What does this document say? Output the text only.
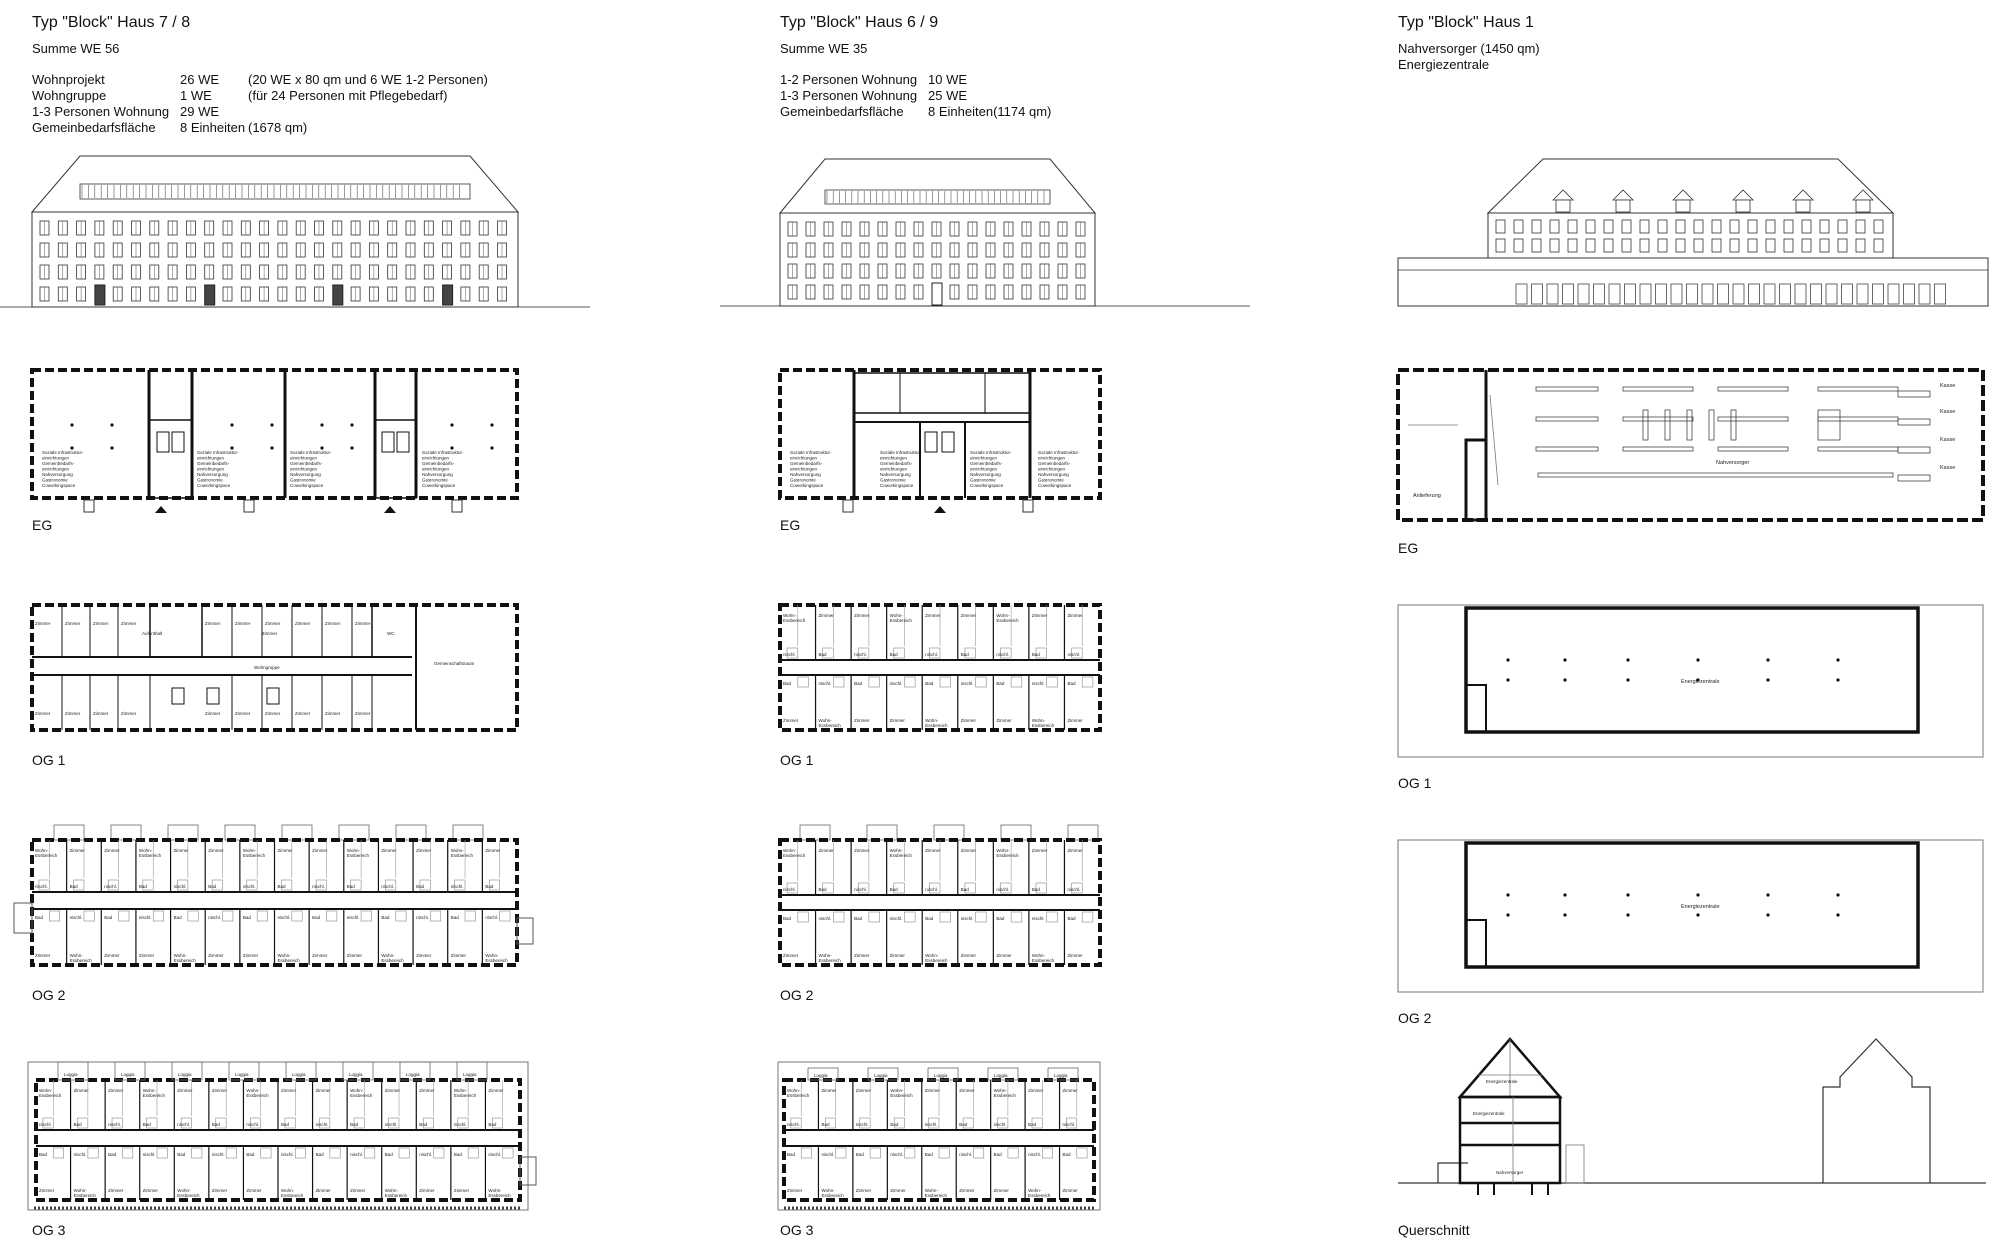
Typ "Block" Haus 7 / 8
Summe WE 56
Wohnprojekt	26 WE	(20 WE x 80 qm und 6 WE 1-2 Personen)
Wohngruppe	1 WE	(für 24 Personen mit Pflegebedarf)
1-3 Personen Wohnung	29 WE	
Gemeinbedarfsfläche	8 Einheiten	(1678 qm)
Soziale Infrastruktur-
einrichtungen
Gemeinbedarfs-
einrichtungen
Nahversorgung
Gastronomie
Coworkingspace
Soziale Infrastruktur-
einrichtungen
Gemeinbedarfs-
einrichtungen
Nahversorgung
Gastronomie
Coworkingspace
Soziale Infrastruktur-
einrichtungen
Gemeinbedarfs-
einrichtungen
Nahversorgung
Gastronomie
Coworkingspace
Soziale Infrastruktur-
einrichtungen
Gemeinbedarfs-
einrichtungen
Nahversorgung
Gastronomie
Coworkingspace
EG
Zimmer
Zimmer
Zimmer
Zimmer
Zimmer
Zimmer
Zimmer
Zimmer
Zimmer
Zimmer
Zimmer
Zimmer
Zimmer
Zimmer
Zimmer
Zimmer
Zimmer
Zimmer
Zimmer
Zimmer
Zimmer
Aufenthalt
Wohngruppe
WC
Gemeinschaftsraum
OG 1
Wohn-
Essbereich
nischl.
Bad
Zimmer
Zimmer
Bad
nischl.
Wohn-
Essbereich
Zimmer
nischl.
Bad
Zimmer
Wohn-
Essbereich
Bad
nischl.
Zimmer
Zimmer
nischl.
Bad
Wohn-
Essbereich
Zimmer
Bad
nischl.
Zimmer
Wohn-
Essbereich
nischl.
Bad
Zimmer
Zimmer
Bad
nischl.
Wohn-
Essbereich
Zimmer
nischl.
Bad
Zimmer
Wohn-
Essbereich
Bad
nischl.
Zimmer
Zimmer
nischl.
Bad
Wohn-
Essbereich
Zimmer
Bad
nischl.
Zimmer
Wohn-
Essbereich
nischl.
Bad
Zimmer
Zimmer
Bad
nischl.
Wohn-
Essbereich
OG 2
Wohn-
Essbereich
nischl.
Bad
Zimmer
Zimmer
Bad
nischl.
Wohn-
Essbereich
Zimmer
nischl.
Bad
Zimmer
Wohn-
Essbereich
Bad
nischl.
Zimmer
Zimmer
nischl.
Bad
Wohn-
Essbereich
Zimmer
Bad
nischl.
Zimmer
Wohn-
Essbereich
nischl.
Bad
Zimmer
Zimmer
Bad
nischl.
Wohn-
Essbereich
Zimmer
nischl.
Bad
Zimmer
Wohn-
Essbereich
Bad
nischl.
Zimmer
Zimmer
nischl.
Bad
Wohn-
Essbereich
Zimmer
Bad
nischl.
Zimmer
Wohn-
Essbereich
nischl.
Bad
Zimmer
Zimmer
Bad
nischl.
Wohn-
Essbereich
Loggia	Loggia	Loggia	Loggia	Loggia	Loggia	Loggia	Loggia
OG 3
Typ "Block" Haus 6 / 9
Summe WE 35
1-2 Personen Wohnung	10 WE	
1-3 Personen Wohnung	25 WE	
Gemeinbedarfsfläche	8 Einheiten	(1174 qm)
Soziale Infrastruktur-
einrichtungen
Gemeinbedarfs-
einrichtungen
Nahversorgung
Gastronomie
Coworkingspace
Soziale Infrastruktur-
einrichtungen
Gemeinbedarfs-
einrichtungen
Nahversorgung
Gastronomie
Coworkingspace
Soziale Infrastruktur-
einrichtungen
Gemeinbedarfs-
einrichtungen
Nahversorgung
Gastronomie
Coworkingspace
Soziale Infrastruktur-
einrichtungen
Gemeinbedarfs-
einrichtungen
Nahversorgung
Gastronomie
Coworkingspace
EG
Wohn-
Essbereich
nischl.
Bad
Zimmer
Zimmer
Bad
nischl.
Wohn-
Essbereich
Zimmer
nischl.
Bad
Zimmer
Wohn-
Essbereich
Bad
nischl.
Zimmer
Zimmer
nischl.
Bad
Wohn-
Essbereich
Zimmer
Bad
nischl.
Zimmer
Wohn-
Essbereich
nischl.
Bad
Zimmer
Zimmer
Bad
nischl.
Wohn-
Essbereich
Zimmer
nischl.
Bad
Zimmer
OG 1
Wohn-
Essbereich
nischl.
Bad
Zimmer
Zimmer
Bad
nischl.
Wohn-
Essbereich
Zimmer
nischl.
Bad
Zimmer
Wohn-
Essbereich
Bad
nischl.
Zimmer
Zimmer
nischl.
Bad
Wohn-
Essbereich
Zimmer
Bad
nischl.
Zimmer
Wohn-
Essbereich
nischl.
Bad
Zimmer
Zimmer
Bad
nischl.
Wohn-
Essbereich
Zimmer
nischl.
Bad
Zimmer
OG 2
Wohn-
Essbereich
nischl.
Bad
Zimmer
Zimmer
Bad
nischl.
Wohn-
Essbereich
Zimmer
nischl.
Bad
Zimmer
Wohn-
Essbereich
Bad
nischl.
Zimmer
Zimmer
nischl.
Bad
Wohn-
Essbereich
Zimmer
Bad
nischl.
Zimmer
Wohn-
Essbereich
nischl.
Bad
Zimmer
Zimmer
Bad
nischl.
Wohn-
Essbereich
Zimmer
nischl.
Bad
Zimmer
Loggia	Loggia	Loggia	Loggia	Loggia
OG 3
Typ "Block" Haus 1
Nahversorger (1450 qm)
Energiezentrale
Anlieferung
Nahversorger
Kasse
Kasse
Kasse
Kasse
EG
Energiezentrale
OG 1
Energiezentrale
OG 2
Energiezentrale
Energiezentrale
Nahversorger
Querschnitt
